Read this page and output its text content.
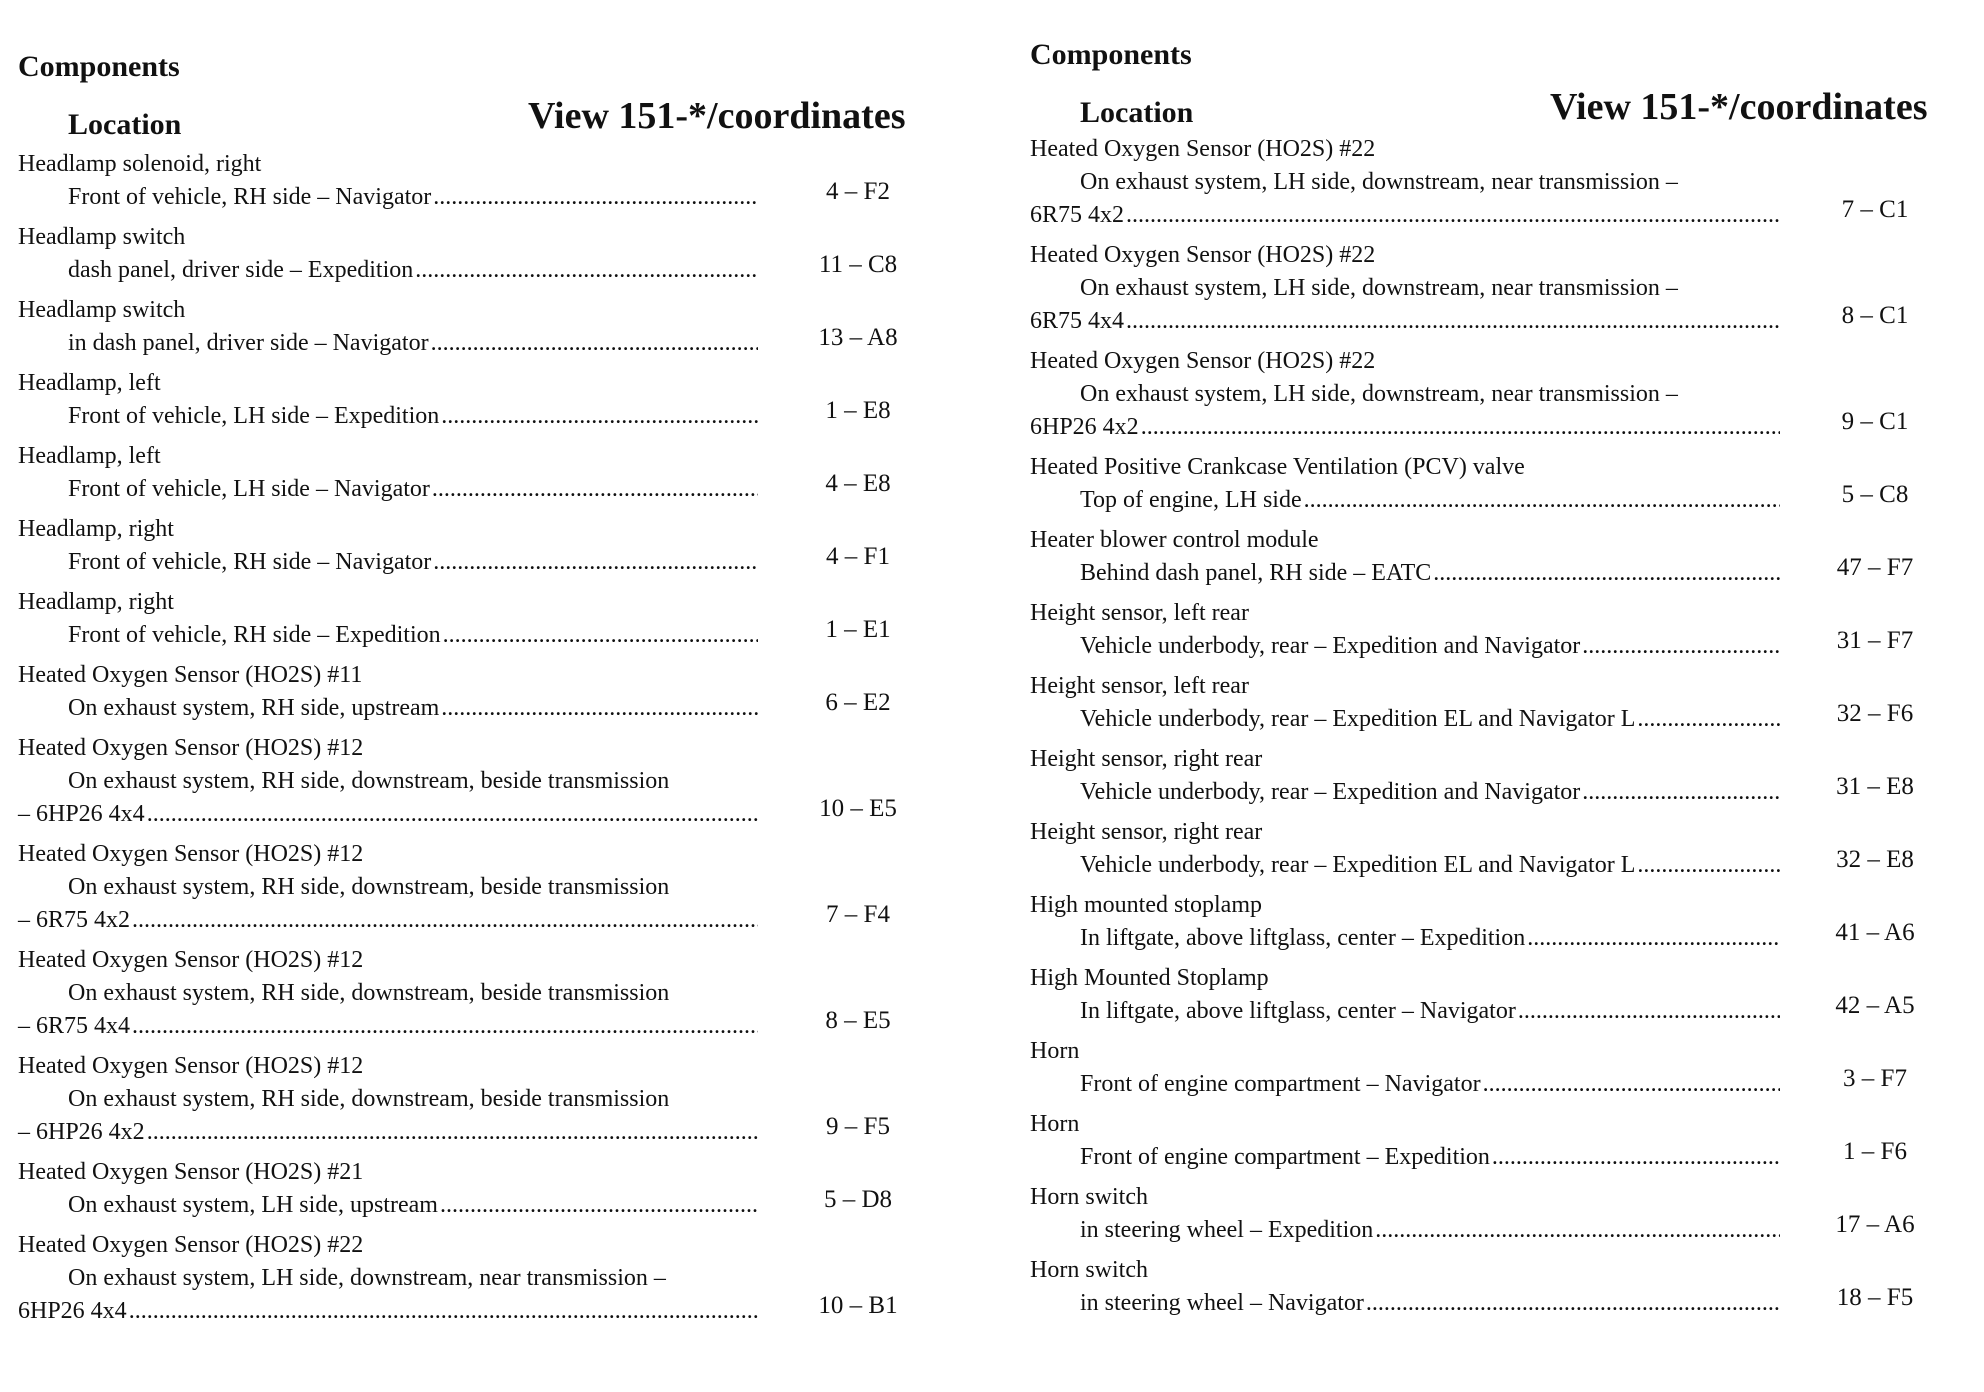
Components
Location	View 151-*/coordinates
Headlamp solenoid, right
Front of vehicle, RH side – Navigator . . .	4 – F2
Headlamp switch
dash panel, driver side – Expedition . . .	11 – C8
Headlamp switch
in dash panel, driver side – Navigator . . .	13 – A8
Headlamp, left
Front of vehicle, LH side – Expedition . . .	1 – E8
Headlamp, left
Front of vehicle, LH side – Navigator . . .	4 – E8
Headlamp, right
Front of vehicle, RH side – Navigator . . .	4 – F1
Headlamp, right
Front of vehicle, RH side – Expedition . . .	1 – E1
Heated Oxygen Sensor (HO2S) #11
On exhaust system, RH side, upstream . . .	6 – E2
Heated Oxygen Sensor (HO2S) #12
On exhaust system, RH side, downstream, beside transmission
– 6HP26 4x4 . . .	10 – E5
Heated Oxygen Sensor (HO2S) #12
On exhaust system, RH side, downstream, beside transmission
– 6R75 4x2 . . .	7 – F4
Heated Oxygen Sensor (HO2S) #12
On exhaust system, RH side, downstream, beside transmission
– 6R75 4x4 . . .	8 – E5
Heated Oxygen Sensor (HO2S) #12
On exhaust system, RH side, downstream, beside transmission
– 6HP26 4x2 . . .	9 – F5
Heated Oxygen Sensor (HO2S) #21
On exhaust system, LH side, upstream . . .	5 – D8
Heated Oxygen Sensor (HO2S) #22
On exhaust system, LH side, downstream, near transmission –
6HP26 4x4 . . .	10 – B1
Components
Location	View 151-*/coordinates
Heated Oxygen Sensor (HO2S) #22
On exhaust system, LH side, downstream, near transmission –
6R75 4x2 . . .	7 – C1
Heated Oxygen Sensor (HO2S) #22
On exhaust system, LH side, downstream, near transmission –
6R75 4x4 . . .	8 – C1
Heated Oxygen Sensor (HO2S) #22
On exhaust system, LH side, downstream, near transmission –
6HP26 4x2 . . .	9 – C1
Heated Positive Crankcase Ventilation (PCV) valve
Top of engine, LH side . . .	5 – C8
Heater blower control module
Behind dash panel, RH side – EATC . . .	47 – F7
Height sensor, left rear
Vehicle underbody, rear – Expedition and Navigator . . .	31 – F7
Height sensor, left rear
Vehicle underbody, rear – Expedition EL and Navigator L . . .	32 – F6
Height sensor, right rear
Vehicle underbody, rear – Expedition and Navigator . . .	31 – E8
Height sensor, right rear
Vehicle underbody, rear – Expedition EL and Navigator L . . .	32 – E8
High mounted stoplamp
In liftgate, above liftglass, center – Expedition . . .	41 – A6
High Mounted Stoplamp
In liftgate, above liftglass, center – Navigator . . .	42 – A5
Horn
Front of engine compartment – Navigator . . .	3 – F7
Horn
Front of engine compartment – Expedition . . .	1 – F6
Horn switch
in steering wheel – Expedition . . .	17 – A6
Horn switch
in steering wheel – Navigator . . .	18 – F5
